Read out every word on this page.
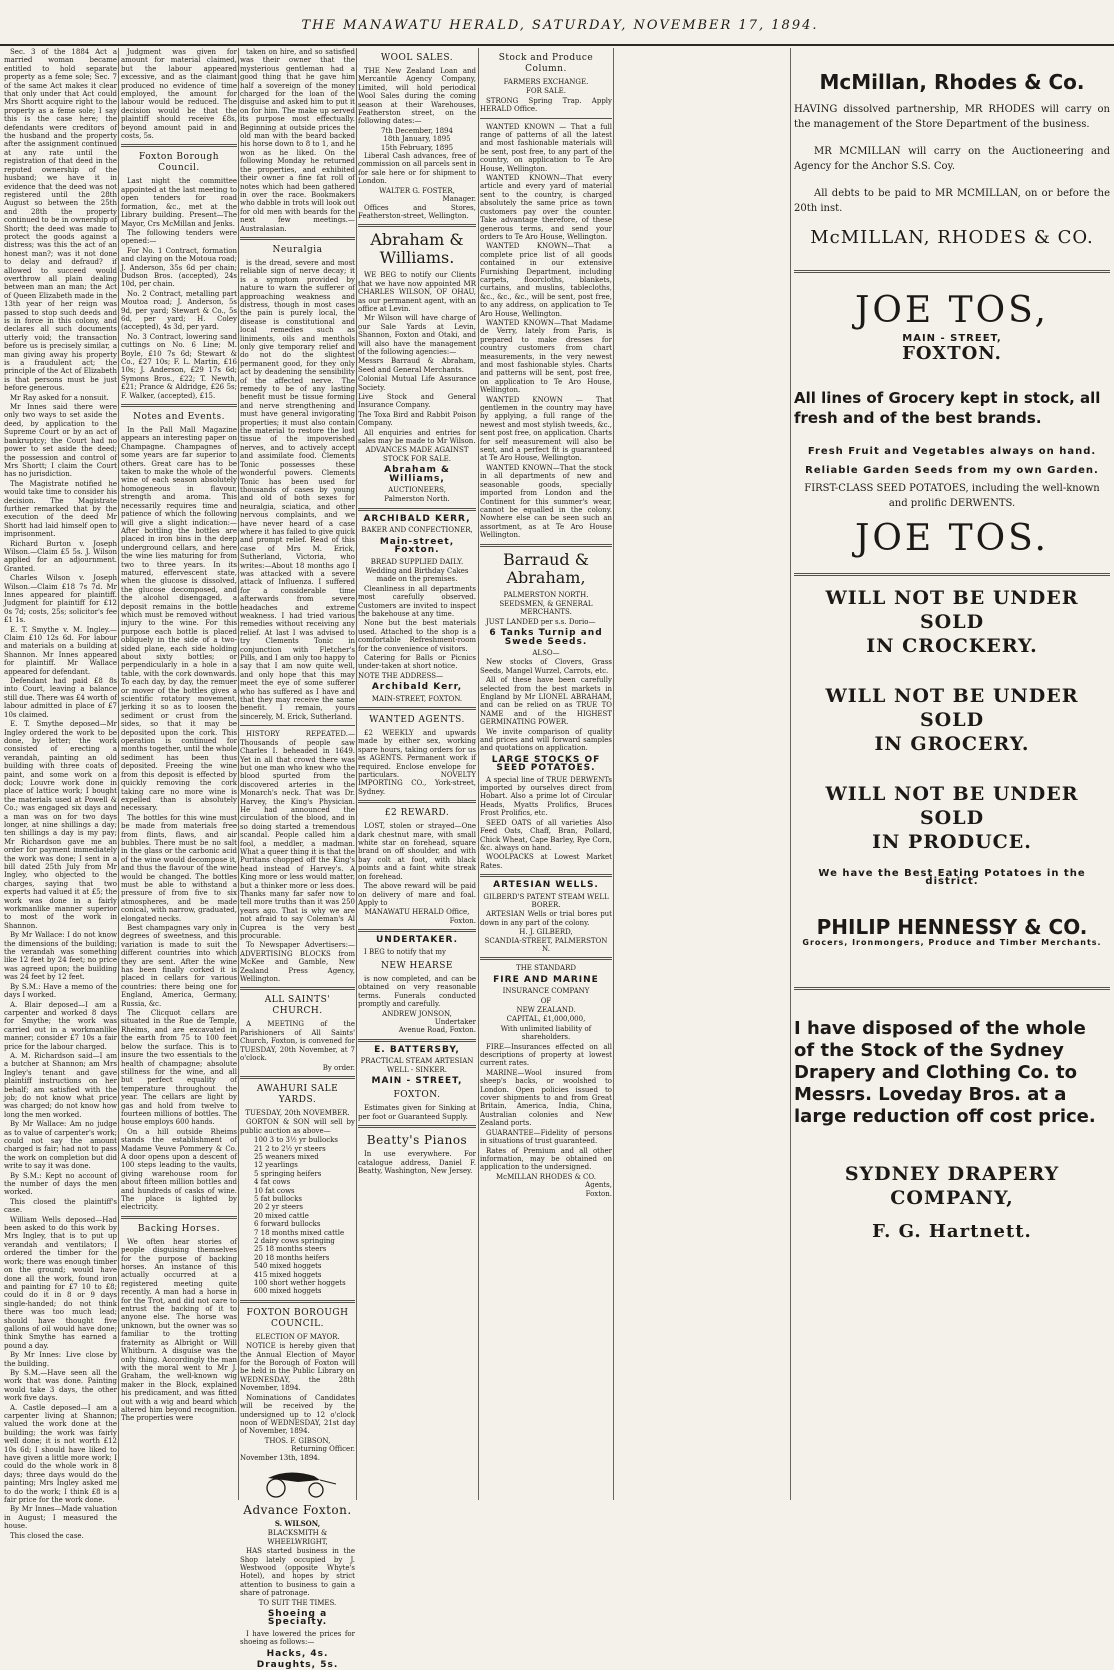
THE MANAWATU HERALD, SATURDAY, NOVEMBER 17, 1894.

Sec. 3 of the 1884 Act a married woman became entitled to hold separate property as a feme sole; Sec. 7 of the same Act makes it clear that only under that Act could Mrs Shortt acquire right to the property as a feme sole; I say this is the case here; the defendants were creditors of the husband and the property after the assignment continued at any rate until the registration of that deed in the reputed ownership of the husband; we have it in evidence that the deed was not registered until the 28th August so between the 25th and 28th the property continued to be in ownership of Shortt; the deed was made to protect the goods against a distress; was this the act of an honest man?; was it not done to delay and defraud? if allowed to succeed would overthrow all plain dealing between man an man; the Act of Queen Elizabeth made in the 13th year of her reign was passed to stop such deeds and is in force in this colony, and declares all such documents utterly void; the transaction before us is precisely similar, a man giving away his property is a fraudulent act; the principle of the Act of Elizabeth is that persons must be just before generous.

Mr Ray asked for a nonsuit.

Mr Innes said there were only two ways to set aside the deed, by application to the Supreme Court or by an act of bankruptcy; the Court had no power to set aside the deed; the possession and control of Mrs Shortt; I claim the Court has no jurisdiction.

The Magistrate notified he would take time to consider his decision. The Magistrate further remarked that by the execution of the deed Mr Shortt had laid himself open to imprisonment.

Richard Burton v. Joseph Wilson.—Claim £5 5s. J. Wilson applied for an adjournment. Granted.

Charles Wilson v. Joseph Wilson.—Claim £18 7s 7d. Mr Innes appeared for plaintiff. Judgment for plaintiff for £12 0s 7d; costs, 25s; solicitor's fee £1 1s.

E. T. Smythe v. M. Ingley.—Claim £10 12s 6d. For labour and materials on a building at Shannon. Mr Innes appeared for plaintiff. Mr Wallace appeared for defendant.

Defendant had paid £8 8s into Court, leaving a balance still due. There was £4 worth of labour admitted in place of £7 10s claimed.

E. T. Smythe deposed—Mr Ingley ordered the work to be done, by letter; the work consisted of erecting a verandah, painting an old building with three coats of paint, and some work on a dock; Louvre work done in place of lattice work; I bought the materials used at Powell & Co.; was engaged six days and a man was on for two days longer, at nine shillings a day; ten shillings a day is my pay; Mr Richardson gave me an order for payment immediately the work was done; I sent in a bill dated 25th July from Mr Ingley, who objected to the charges, saying that two experts had valued it at £5; the work was done in a fairly workmanlike manner superior to most of the work in Shannon.

By Mr Wallace: I do not know the dimensions of the building; the verandah was something like 12 feet by 24 feet; no price was agreed upon; the building was 24 feet by 12 feet.

By S.M.: Have a memo of the days I worked.

A. Blair deposed—I am a carpenter and worked 8 days for Smythe; the work was carried out in a workmanlike manner; consider £7 10s a fair price for the labour charged.

A. M. Richardson said—I am a butcher at Shannon; am Mrs Ingley's tenant and gave plaintiff instructions on her behalf; am satisfied with the job; do not know what price was charged; do not know how long the men worked.

By Mr Wallace: Am no judge as to value of carpenter's work; could not say the amount charged is fair; had not to pass the work on completion but did write to say it was done.

By S.M.: Kept no account of the number of days the men worked.

This closed the plaintiff's case.

William Wells deposed—Had been asked to do this work by Mrs Ingley, that is to put up verandah and ventilators; I ordered the timber for the work; there was enough timber on the ground; would have done all the work, found iron and painting for £7 10 to £8; could do it in 8 or 9 days single-handed; do not think there was too much lead; should have thought five gallons of oil would have done; think Smythe has earned a pound a day.

By Mr Innes: Live close by the building.

By S.M.—Have seen all the work that was done. Painting would take 3 days, the other work five days.

A. Castle deposed—I am a carpenter living at Shannon; valued the work done at the building; the work was fairly well done; it is not worth £12 10s 6d; I should have liked to have given a little more work; I could do the whole work in 8 days; three days would do the painting; Mrs Ingley asked me to do the work; I think £8 is a fair price for the work done.

By Mr Innes—Made valuation in August; I measured the house.

This closed the case.

Judgment was given for amount for material claimed, but the labour appeared excessive, and as the claimant produced no evidence of time employed, the amount for labour would be reduced. The decision would be that the plaintiff should receive £8s, beyond amount paid in and costs, 5s.

Foxton Borough Council.

Last night the committee appointed at the last meeting to open tenders for road formation, &c., met at the Library building. Present—The Mayor, Crs McMillan and Jenks.

The following tenders were opened:—

For No. 1 Contract, formation and claying on the Motoua road; J. Anderson, 35s 6d per chain; Dudson Bros. (accepted), 24s 10d, per chain.

No. 2 Contract, metalling part Moutoa road; J. Anderson, 5s 9d, per yard; Stewart & Co., 5s 6d, per yard; H. Coley (accepted), 4s 3d, per yard.

No. 3 Contract, lowering sand cuttings on No. 6 Line; M. Boyle, £10 7s 6d; Stewart & Co., £27 10s; F. L. Martin, £16 10s; J. Anderson, £29 17s 6d; Symons Bros., £22; T. Newth, £21; Prance & Aldridge, £26 5s; F. Walker, (accepted), £15.

Notes and Events.

In the Pall Mall Magazine appears an interesting paper on Champagne. Champagnes of some years are far superior to others. Great care has to be taken to make the whole of the wine of each season absolutely homogeneous in flavour, strength and aroma. This necessarily requires time and patience of which the following will give a slight indication:—After bottling the bottles are placed in iron bins in the deep underground cellars, and here the wine lies maturing for from two to three years. In its matured, effervescent state, when the glucose is dissolved, the glucose decomposed, and the alcohol disengaged, a deposit remains in the bottle which must be removed without injury to the wine. For this purpose each bottle is placed obliquely in the side of a two-sided plane, each side holding about sixty bottles; or perpendicularly in a hole in a table, with the cork downwards. To each day, by day, the remuer or mover of the bottles gives a scientific rotatory movement, jerking it so as to loosen the sediment or crust from the sides, so that it may be deposited upon the cork. This operation is continued for months together, until the whole sediment has been thus deposited. Freeing the wine from this deposit is effected by quickly removing the cork taking care no more wine is expelled than is absolutely necessary.

The bottles for this wine must be made from materials free from flints, flaws, and air bubbles. There must be no salt in the glass or the carbonic acid of the wine would decompose it, and thus the flavour of the wine would be changed. The bottles must be able to withstand a pressure of from five to six atmospheres, and be made conical, with narrow, graduated, elongated necks.

Best champagnes vary only in degrees of sweetness, and this variation is made to suit the different countries into which they are sent. After the wine has been finally corked it is placed in cellars for various countries: there being one for England, America, Germany, Russia, &c.

The Clicquot cellars are situated in the Rue de Temple, Rheims, and are excavated in the earth from 75 to 100 feet below the surface. This is to insure the two essentials to the health of champagne; absolute stillness for the wine, and all but perfect equality of temperature throughout the year. The cellars are light by gas and hold from twelve to fourteen millions of bottles. The house employs 600 hands.

On a hill outside Rheims stands the establishment of Madame Veuve Pommery & Co. A door opens upon a descent of 100 steps leading to the vaults, giving warehouse room for about fifteen million bottles and and hundreds of casks of wine. The place is lighted by electricity.

Backing Horses.

We often hear stories of people disguising themselves for the purpose of backing horses. An instance of this actually occurred at a registered meeting quite recently. A man had a horse in for the Trot, and did not care to entrust the backing of it to anyone else. The horse was unknown, but the owner was so familiar to the trotting fraternity as Albright or Will Whitburn. A disguise was the only thing. Accordingly the man with the moral went to Mr J. Graham, the well-known wig maker in the Block, explained his predicament, and was fitted out with a wig and beard which altered him beyond recognition. The properties were

taken on hire, and so satisfied was their owner that the mysterious gentleman had a good thing that he gave him half a sovereign of the money charged for the loan of the disguise and asked him to put it on for him. The make up served its purpose most effectually. Beginning at outside prices the old man with the beard backed his horse down to 8 to 1, and he won as he liked. On the following Monday he returned the properties, and exhibited their owner a fine fat roll of notes which had been gathered in over the race. Bookmakers who dabble in trots will look out for old men with beards for the next few meetings.—Australasian.

Neuralgia

is the dread, severe and most reliable sign of nerve decay; it is a symptom provided by nature to warn the sufferer of approaching weakness and distress, though in most cases the pain is purely local, the disease is constitutional and local remedies such as liniments, oils and menthols only give temporary relief and do not do the slightest permanent good, for they only act by deadening the sensibility of the affected nerve. The remedy to be of any lasting benefit must be tissue forming and nerve strengthening and must have general invigorating properties; it must also contain the material to restore the lost tissue of the impoverished nerves, and to actively accept and assimilate food. Clements Tonic possesses these wonderful powers. Clements Tonic has been used for thousands of cases by young and old of both sexes for neuralgia, sciatica, and other nervous complaints, and we have never heard of a case where it has failed to give quick and prompt relief. Read of this case of Mrs M. Erick, Sutherland, Victoria, who writes:—About 18 months ago I was attacked with a severe attack of Influenza. I suffered for a considerable time afterwards from severe headaches and extreme weakness. I had tried various remedies without receiving any relief. At last I was advised to try Clements Tonic in conjunction with Fletcher's Pills, and I am only too happy to say that I am now quite well, and only hope that this may meet the eye of some sufferer who has suffered as I have and that they may receive the same benefit. I remain, yours sincerely, M. Erick, Sutherland.

HISTORY REPEATED.—Thousands of people saw Charles I. beheaded in 1649. Yet in all that crowd there was but one man who knew who the blood spurted from the discovered arteries in the Monarch's neck. That was Dr. Harvey, the King's Physician. He had announced the circulation of the blood, and in so doing started a tremendous scandal. People called him a fool, a meddler, a madman. What a queer thing it is that the Puritans chopped off the King's head instead of Harvey's. A King more or less would matter, but a thinker more or less does. Thanks many far safer now to tell more truths than it was 250 years ago. That is why we are not afraid to say Coleman's Al Cuprea is the very best procurable.

To Newspaper Advertisers:—ADVERTISING BLOCKS from McKee and Gamble, New Zealand Press Agency, Wellington.

ALL SAINTS' CHURCH.

A MEETING of the Parishioners of All Saints' Church, Foxton, is convened for TUESDAY, 20th November, at 7 o'clock.

By order.
AWAHURI SALE YARDS.
TUESDAY, 20th NOVEMBER.

GORTON & SON will sell by public auction as above—

100 3 to 3½ yr bullocks
21 2 to 2½ yr steers
25 weaners mixed
12 yearlings
5 springing heifers
4 fat cows
10 fat cows
5 fat bullocks
20 2 yr steers
20 mixed cattle
6 forward bullocks
7 18 months mixed cattle
2 dairy cows springing
25 18 months steers
20 18 months heifers
540 mixed hoggets
415 mixed hoggets
100 short wether hoggets
600 mixed hoggets
FOXTON BOROUGH COUNCIL.
ELECTION OF MAYOR.

NOTICE is hereby given that the Annual Election of Mayor for the Borough of Foxton will be held in the Public Library on WEDNESDAY, the 28th November, 1894.

Nominations of Candidates will be received by the undersigned up to 12 o'clock noon of WEDNESDAY, 21st day of November, 1894.

THOS. F. GIBSON,
Returning Officer.
November 13th, 1894.
Advance Foxton.
S. WILSON,
BLACKSMITH & WHEELWRIGHT,

HAS started business in the Shop lately occupied by J. Westwood (opposite Whyte's Hotel), and hopes by strict attention to business to gain a share of patronage.

TO SUIT THE TIMES.
Shoeing a Specialty.

I have lowered the prices for shoeing as follows:—

Hacks, 4s.
Draughts, 5s.
WOOL SALES.

THE New Zealand Loan and Mercantile Agency Company, Limited, will hold periodical Wool Sales during the coming season at their Warehouses, Featherston street, on the following dates:—

7th December, 1894
18th January, 1895
15th February, 1895

Liberal Cash advances, free of commission on all parcels sent in for sale here or for shipment to London.

WALTER G. FOSTER,
Manager.

Offices and Stores, Featherston-street, Wellington.

Abraham & Williams.

WE BEG to notify our Clients that we have now appointed MR CHARLES WILSON, OF OHAU, as our permanent agent, with an office at Levin.

Mr Wilson will have charge of our Sale Yards at Levin, Shannon, Foxton and Otaki, and will also have the management of the following agencies:—

Messrs Barraud & Abraham, Seed and General Merchants.

Colonial Mutual Life Assurance Society.

Live Stock and General Insurance Company.

The Toxa Bird and Rabbit Poison Company.

All enquiries and entries for sales may be made to Mr Wilson.

ADVANCES MADE AGAINST STOCK FOR SALE.
Abraham & Williams,
AUCTIONEERS,
Palmerston North.
ARCHIBALD KERR,
BAKER AND CONFECTIONER,
Main-street, Foxton.
BREAD SUPPLIED DAILY.
Wedding and Birthday Cakes made on the premises.

Cleanliness in all departments most carefully observed. Customers are invited to inspect the bakehouse at any time.

None but the best materials used. Attached to the shop is a comfortable Refreshment-room for the convenience of visitors.

Catering for Balls or Picnics under-taken at short notice.

NOTE THE ADDRESS—
Archibald Kerr,
MAIN-STREET, FOXTON.
WANTED AGENTS.

£2 WEEKLY and upwards made by either sex, working spare hours, taking orders for us as AGENTS. Permanent work if required. Enclose envelope for particulars. NOVELTY IMPORTING CO., York-street, Sydney.

£2 REWARD.

LOST, stolen or strayed—One dark chestnut mare, with small white star on forehead, square brand on off shoulder, and with bay colt at foot, with black points and a faint white streak on forehead.

The above reward will be paid on delivery of mare and foal. Apply to

MANAWATU HERALD Office,
Foxton.
UNDERTAKER.

I BEG to notify that my

NEW HEARSE

is now completed, and can be obtained on very reasonable terms. Funerals conducted promptly and carefully.

ANDREW JONSON,
Undertaker
Avenue Road, Foxton.
E. BATTERSBY,
PRACTICAL STEAM ARTESIAN WELL - SINKER.
MAIN - STREET,
FOXTON.

Estimates given for Sinking at per foot or Guaranteed Supply.

Beatty's Pianos

In use everywhere. For catalogue address, Daniel F. Beatty, Washington, New Jersey.

Stock and Produce Column.
FARMERS EXCHANGE.
FOR SALE.

STRONG Spring Trap. Apply HERALD Office.

WANTED KNOWN — That a full range of patterns of all the latest and most fashionable materials will be sent, post free, to any part of the country, on application to Te Aro House, Wellington.

WANTED KNOWN—That every article and every yard of material sent to the country, is charged absolutely the same price as town customers pay over the counter. Take advantage therefore, of these generous terms, and send your orders to Te Aro House, Wellington.

WANTED KNOWN—That a complete price list of all goods contained in our extensive Furnishing Department, including carpets, floorcloths, blankets, curtains, and muslins, tablecloths, &c., &c., &c., will be sent, post free, to any address, on application to Te Aro House, Wellington.

WANTED KNOWN—That Madame de Verry, lately from Paris, is prepared to make dresses for country customers from chart measurements, in the very newest and most fashionable styles. Charts and patterns will be sent, post free, on application to Te Aro House, Wellington.

WANTED KNOWN — That gentlemen in the country may have by applying, a full range of the newest and most stylish tweeds, &c., sent post free, on application. Charts for self measurement will also be sent, and a perfect fit is guaranteed at Te Aro House, Wellington.

WANTED KNOWN—That the stock in all departments of new and seasonable goods, specially imported from London and the Continent for this summer's wear, cannot be equalled in the colony. Nowhere else can be seen such an assortment, as at Te Aro House Wellington.

Barraud & Abraham,
PALMERSTON NORTH.
SEEDSMEN, & GENERAL MERCHANTS.

JUST LANDED per s.s. Dorio—

6 Tanks Turnip and Swede Seeds.
ALSO—

New stocks of Clovers, Grass Seeds, Mangel Wurzel, Carrots, etc.

All of these have been carefully selected from the best markets in England by Mr LIONEL ABRAHAM, and can be relied on as TRUE TO NAME and of the HIGHEST GERMINATING POWER.

We invite comparison of quality and prices and will forward samples and quotations on application.

LARGE STOCKS OF SEED POTATOES.

A special line of TRUE DERWENTs imported by ourselves direct from Hobart. Also a prime lot of Circular Heads, Myatts Prolifics, Bruces Frost Prolifics, etc.

SEED OATS of all varieties Also Feed Oats, Chaff, Bran, Pollard, Chick Wheat, Cape Barley, Rye Corn, &c. always on hand.

WOOLPACKS at Lowest Market Rates.

ARTESIAN WELLS.
GILBERD'S PATENT STEAM WELL BORER.

ARTESIAN Wells or trial bores put down in any part of the colony.

H. J. GILBERD,
SCANDIA-STREET, PALMERSTON N.
THE STANDARD
FIRE AND MARINE
INSURANCE COMPANY
OF
NEW ZEALAND.
CAPITAL, £1,000,000,
With unlimited liability of shareholders.

FIRE—Insurances effected on all descriptions of property at lowest current rates.

MARINE—Wool insured from sheep's backs, or woolshed to London. Open policies issued to cover shipments to and from Great Britain, America, India, China, Australian colonies and New Zealand ports.

GUARANTEE—Fidelity of persons in situations of trust guaranteed.

Rates of Premium and all other information, may be obtained on application to the undersigned.

McMILLAN RHODES & CO.
Agents,
Foxton.
McMillan, Rhodes & Co.
HAVING dissolved partnership, MR RHODES will carry on the management of the Store Department of the business.
MR MCMILLAN will carry on the Auctioneering and Agency for the Anchor S.S. Coy.
All debts to be paid to MR MCMILLAN, on or before the 20th inst.
McMILLAN, RHODES & CO.
JOE TOS,
MAIN - STREET,
FOXTON.
All lines of Grocery kept in stock, all fresh and of the best brands.
Fresh Fruit and Vegetables always on hand.
Reliable Garden Seeds from my own Garden.
FIRST-CLASS SEED POTATOES, including the well-known and prolific DERWENTS.
JOE TOS.
WILL NOT BE UNDER SOLD
IN CROCKERY.
WILL NOT BE UNDER SOLD
IN GROCERY.
WILL NOT BE UNDER SOLD
IN PRODUCE.
We have the Best Eating Potatoes in the district.
PHILIP HENNESSY & CO.
Grocers, Ironmongers, Produce and Timber Merchants.
I have disposed of the whole of the Stock of the Sydney Drapery and Clothing Co. to Messrs. Loveday Bros. at a large reduction off cost price.
SYDNEY DRAPERY COMPANY,
F. G. Hartnett.
